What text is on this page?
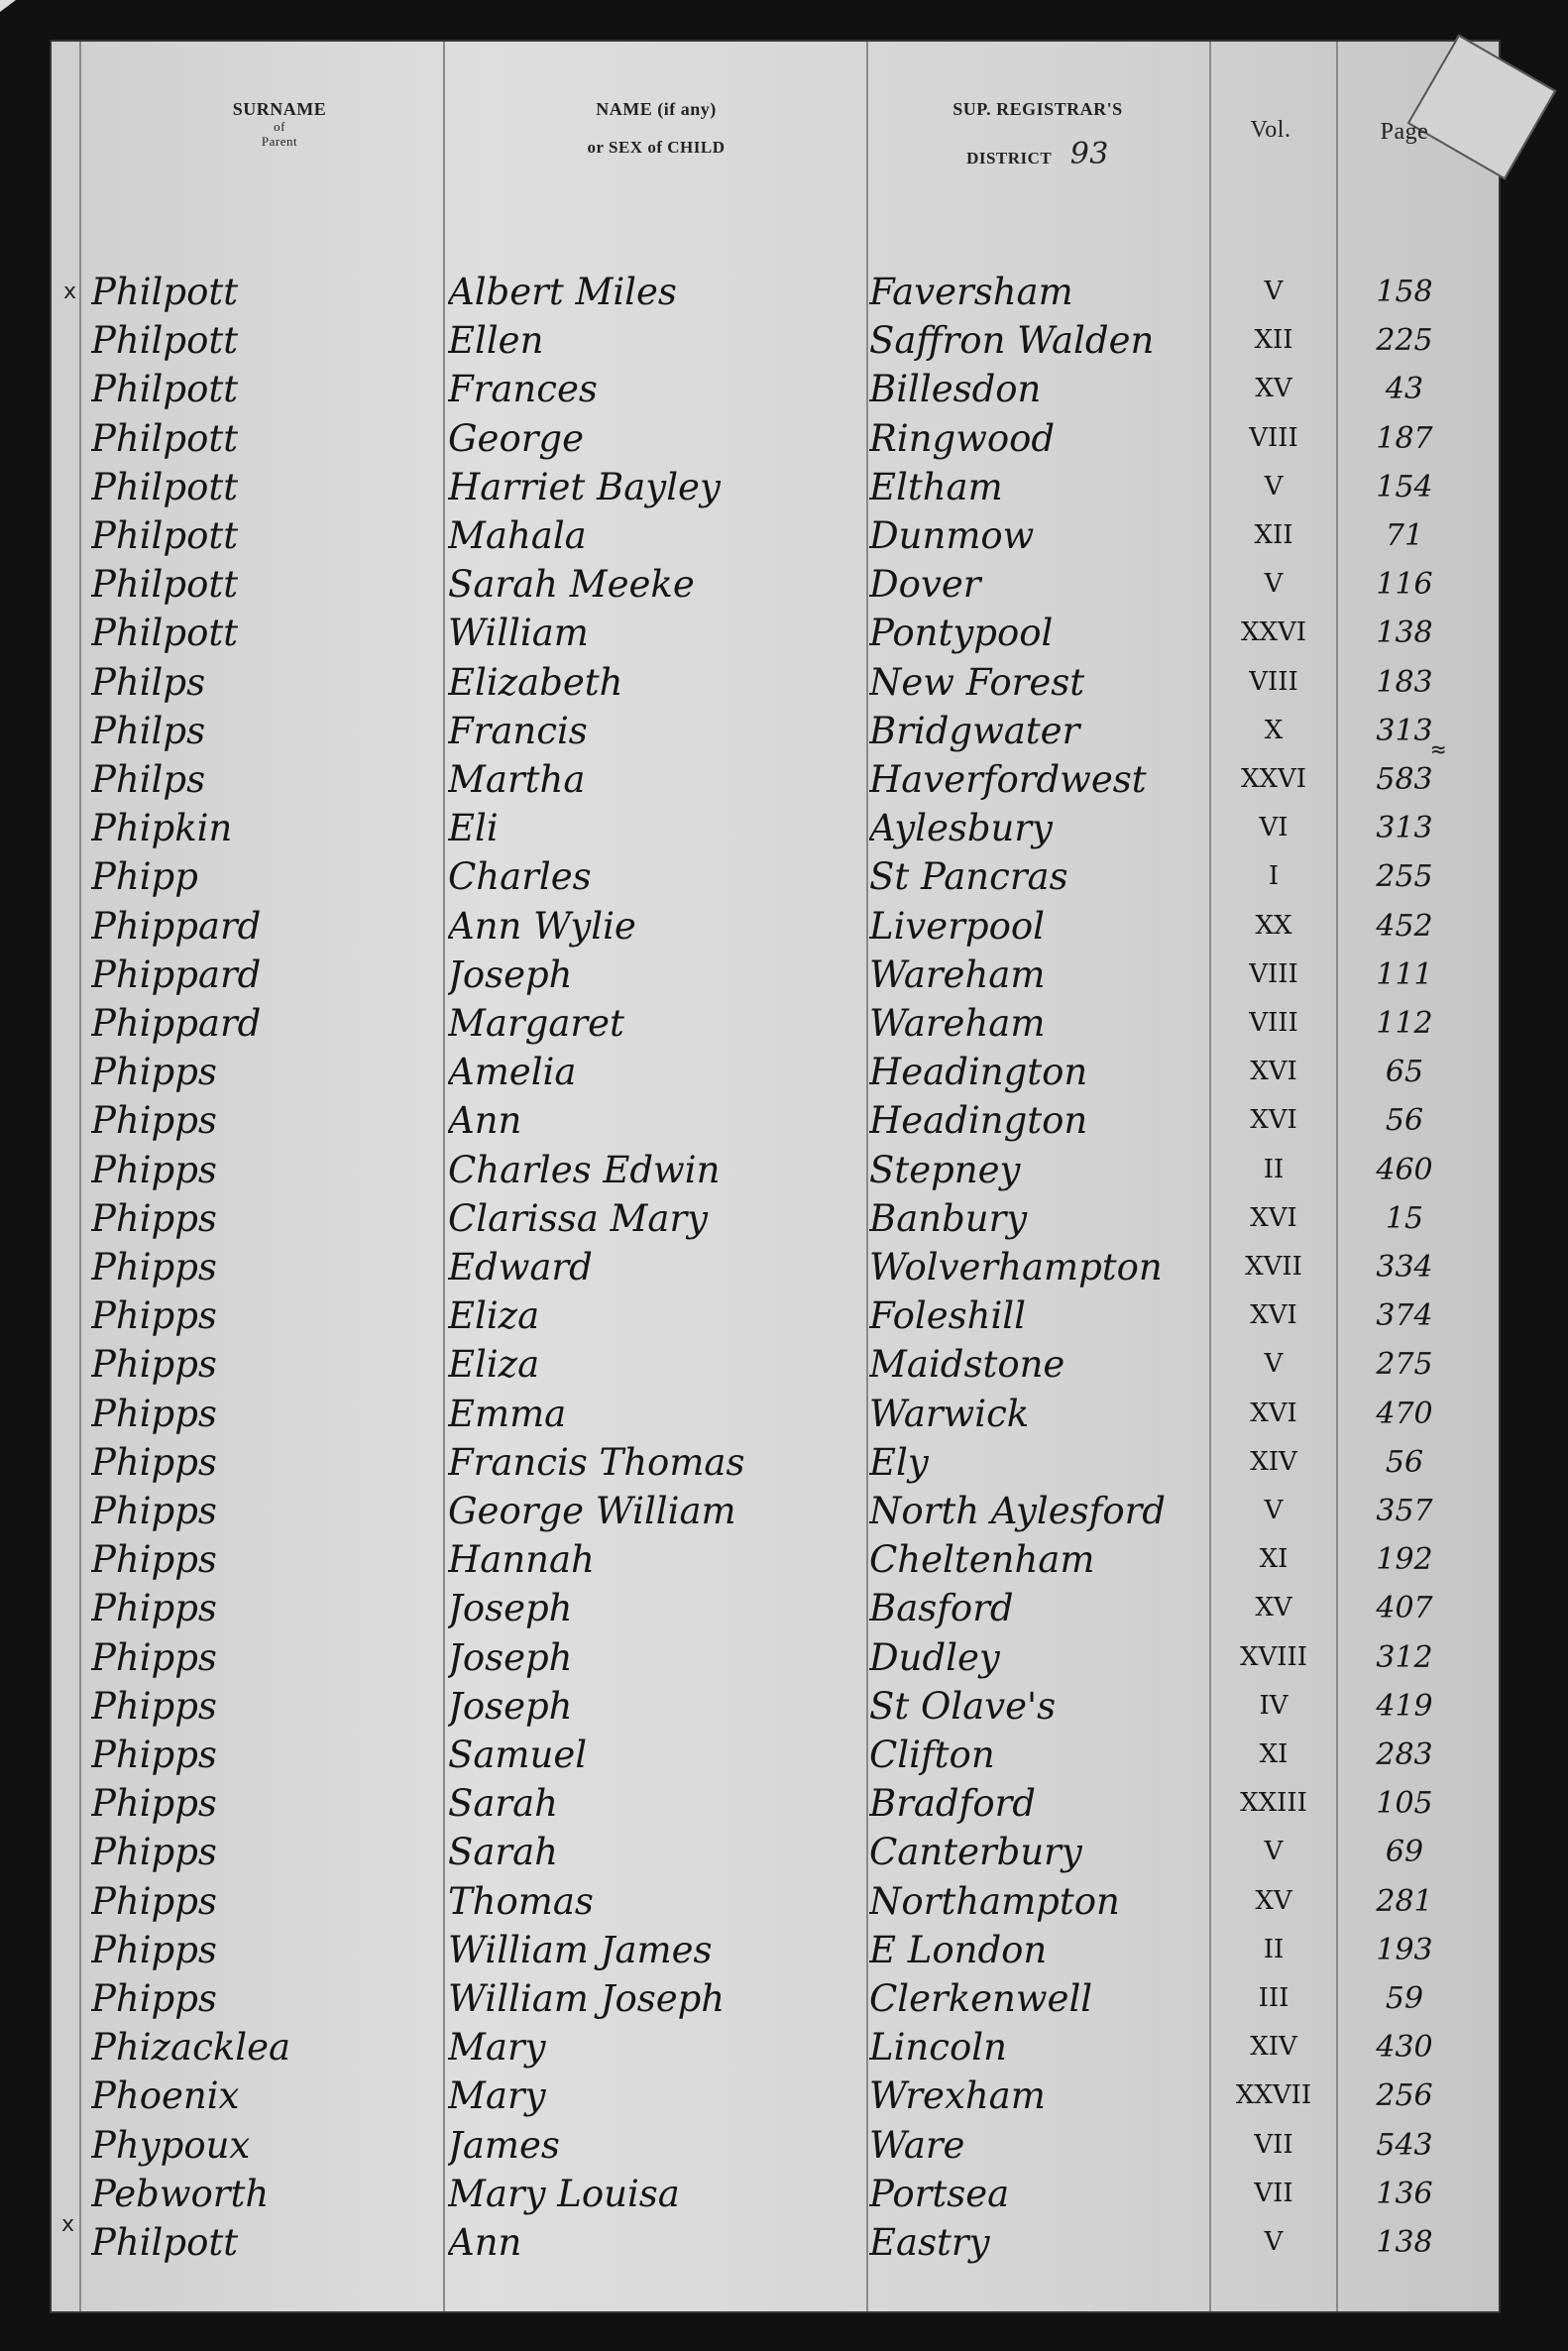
SURNAME
of
Parent
NAME (if any)
or SEX of CHILD
SUP. REGISTRAR'S
DISTRICT 93
Vol.	Page
x
x
≈
Philpott	Albert Miles	Faversham	V	158
Philpott	Ellen	Saffron Walden	XII	225
Philpott	Frances	Billesdon	XV	43
Philpott	George	Ringwood	VIII	187
Philpott	Harriet Bayley	Eltham	V	154
Philpott	Mahala	Dunmow	XII	71
Philpott	Sarah Meeke	Dover	V	116
Philpott	William	Pontypool	XXVI	138
Philps	Elizabeth	New Forest	VIII	183
Philps	Francis	Bridgwater	X	313
Philps	Martha	Haverfordwest	XXVI	583
Phipkin	Eli	Aylesbury	VI	313
Phipp	Charles	St Pancras	I	255
Phippard	Ann Wylie	Liverpool	XX	452
Phippard	Joseph	Wareham	VIII	111
Phippard	Margaret	Wareham	VIII	112
Phipps	Amelia	Headington	XVI	65
Phipps	Ann	Headington	XVI	56
Phipps	Charles Edwin	Stepney	II	460
Phipps	Clarissa Mary	Banbury	XVI	15
Phipps	Edward	Wolverhampton	XVII	334
Phipps	Eliza	Foleshill	XVI	374
Phipps	Eliza	Maidstone	V	275
Phipps	Emma	Warwick	XVI	470
Phipps	Francis Thomas	Ely	XIV	56
Phipps	George William	North Aylesford	V	357
Phipps	Hannah	Cheltenham	XI	192
Phipps	Joseph	Basford	XV	407
Phipps	Joseph	Dudley	XVIII	312
Phipps	Joseph	St Olave's	IV	419
Phipps	Samuel	Clifton	XI	283
Phipps	Sarah	Bradford	XXIII	105
Phipps	Sarah	Canterbury	V	69
Phipps	Thomas	Northampton	XV	281
Phipps	William James	E London	II	193
Phipps	William Joseph	Clerkenwell	III	59
Phizacklea	Mary	Lincoln	XIV	430
Phoenix	Mary	Wrexham	XXVII	256
Phypoux	James	Ware	VII	543
Pebworth	Mary Louisa	Portsea	VII	136
Philpott	Ann	Eastry	V	138
